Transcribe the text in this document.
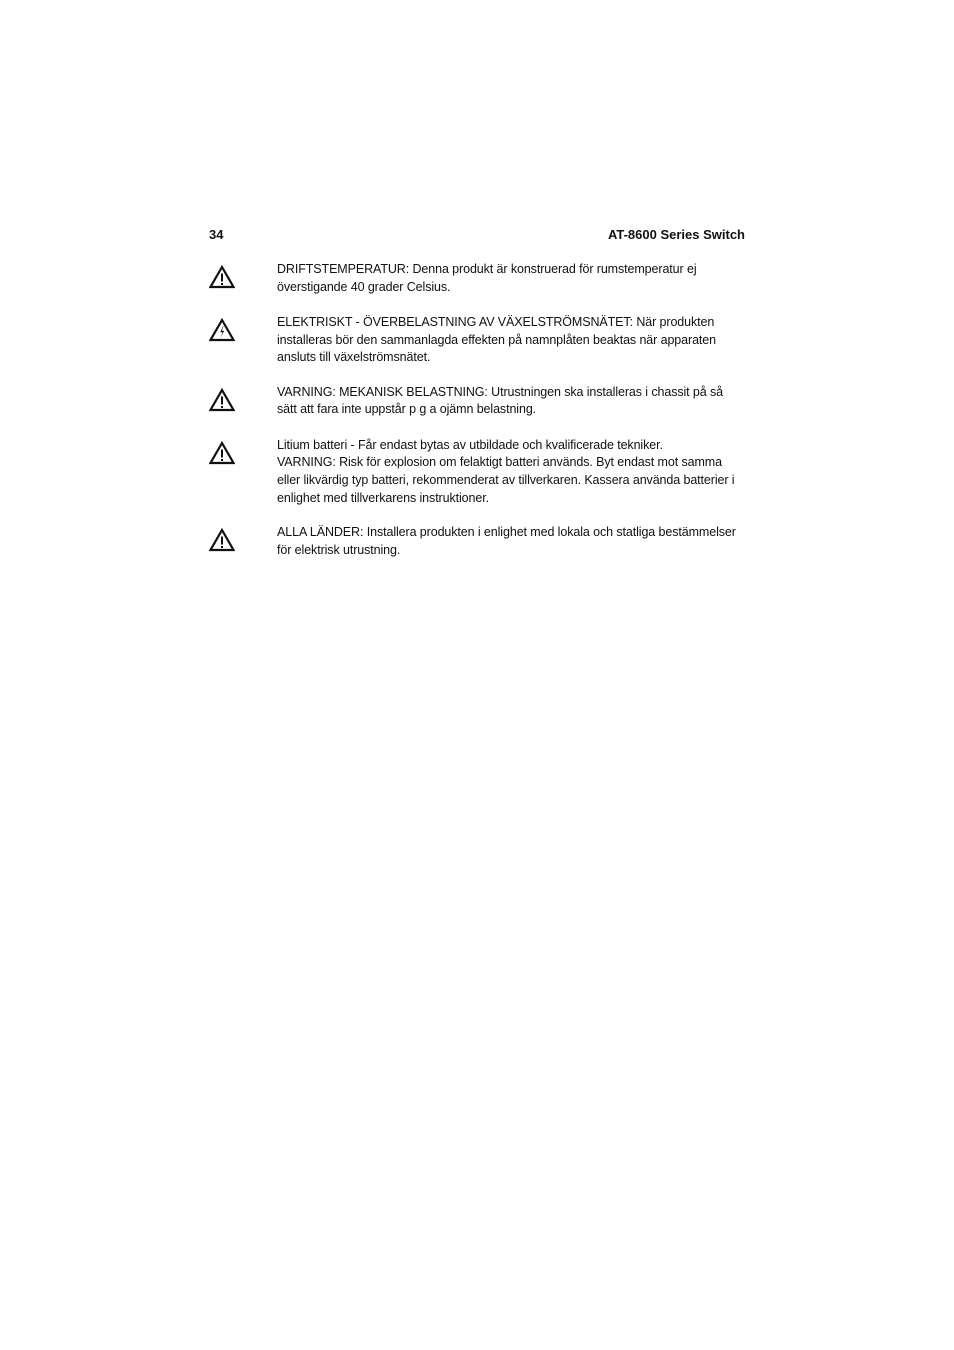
34	AT-8600 Series Switch

DRIFTSTEMPERATUR: Denna produkt är konstruerad för rumstemperatur ej överstigande 40 grader Celsius.

ELEKTRISKT - ÖVERBELASTNING AV VÄXELSTRÖMSNÄTET: När produkten installeras bör den sammanlagda effekten på namnplåten beaktas när apparaten ansluts till växelströmsnätet.

VARNING: MEKANISK BELASTNING: Utrustningen ska installeras i chassit på så sätt att fara inte uppstår p g a ojämn belastning.

Litium batteri - Får endast bytas av utbildade och kvalificerade tekniker.

VARNING: Risk för explosion om felaktigt batteri används. Byt endast mot samma eller likvärdig typ batteri, rekommenderat av tillverkaren. Kassera använda batterier i enlighet med tillverkarens instruktioner.

ALLA LÄNDER: Installera produkten i enlighet med lokala och statliga bestämmelser för elektrisk utrustning.
